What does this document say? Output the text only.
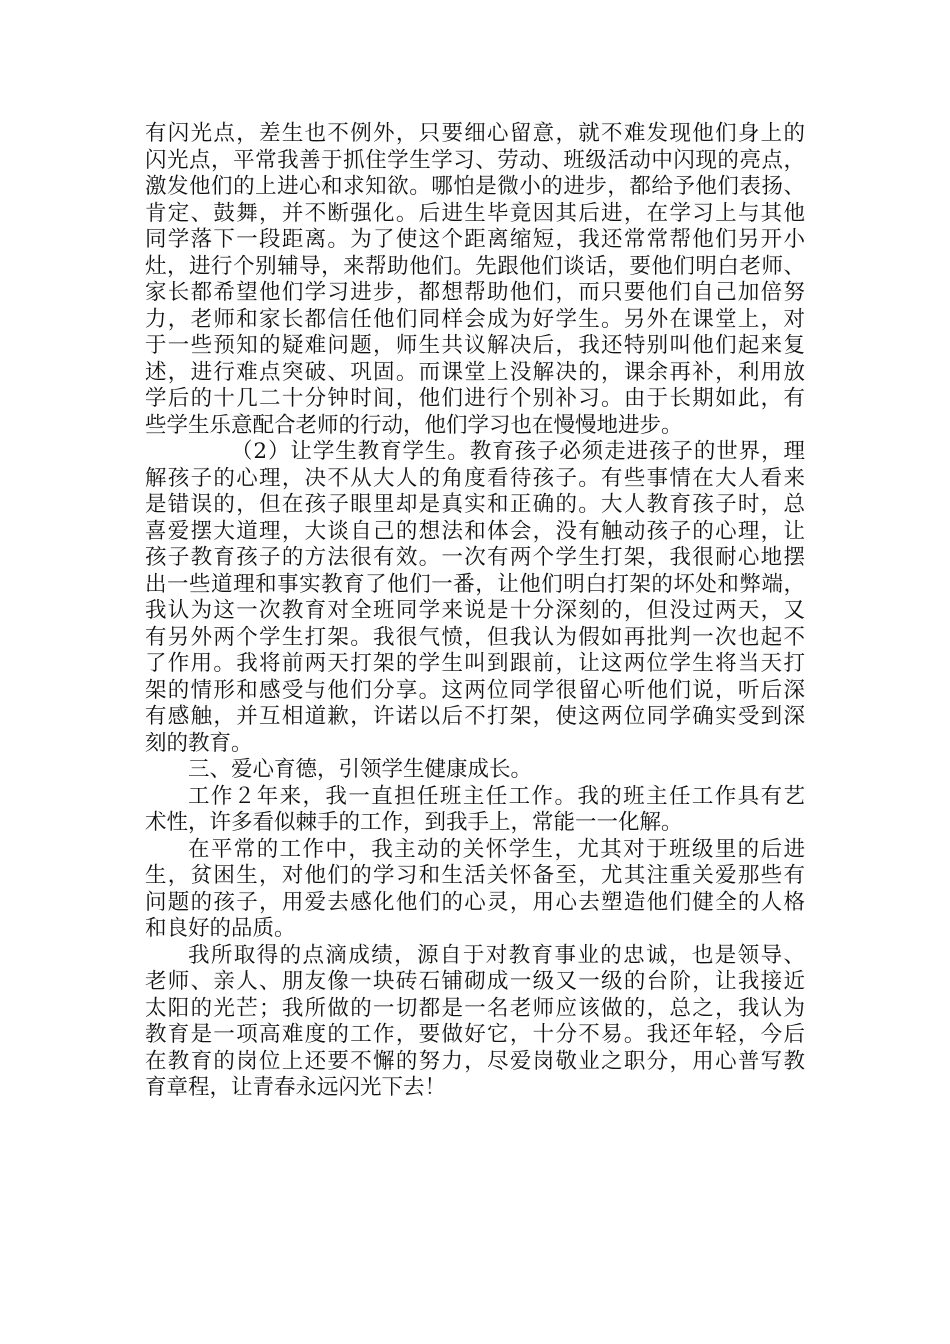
有闪光点，差生也不例外，只要细心留意，就不难发现他们身上的
闪光点，平常我善于抓住学生学习、劳动、班级活动中闪现的亮点，
激发他们的上进心和求知欲。哪怕是微小的进步，都给予他们表扬、
肯定、鼓舞，并不断强化。后进生毕竟因其后进，在学习上与其他
同学落下一段距离。为了使这个距离缩短，我还常常帮他们另开小
灶，进行个别辅导，来帮助他们。先跟他们谈话，要他们明白老师、
家长都希望他们学习进步，都想帮助他们，而只要他们自己加倍努
力，老师和家长都信任他们同样会成为好学生。另外在课堂上，对
于一些预知的疑难问题，师生共议解决后，我还特别叫他们起来复
述，进行难点突破、巩固。而课堂上没解决的，课余再补，利用放
学后的十几二十分钟时间，他们进行个别补习。由于长期如此，有
些学生乐意配合老师的行动，他们学习也在慢慢地进步。
（2）让学生教育学生。教育孩子必须走进孩子的世界，理
解孩子的心理，决不从大人的角度看待孩子。有些事情在大人看来
是错误的，但在孩子眼里却是真实和正确的。大人教育孩子时，总
喜爱摆大道理，大谈自己的想法和体会，没有触动孩子的心理，让
孩子教育孩子的方法很有效。一次有两个学生打架，我很耐心地摆
出一些道理和事实教育了他们一番，让他们明白打架的坏处和弊端，
我认为这一次教育对全班同学来说是十分深刻的，但没过两天，又
有另外两个学生打架。我很气愤，但我认为假如再批判一次也起不
了作用。我将前两天打架的学生叫到跟前，让这两位学生将当天打
架的情形和感受与他们分享。这两位同学很留心听他们说，听后深
有感触，并互相道歉，许诺以后不打架，使这两位同学确实受到深
刻的教育。
三、爱心育德，引领学生健康成长。
工作２年来，我一直担任班主任工作。我的班主任工作具有艺
术性，许多看似棘手的工作，到我手上，常能一一化解。
在平常的工作中，我主动的关怀学生，尤其对于班级里的后进
生，贫困生，对他们的学习和生活关怀备至，尤其注重关爱那些有
问题的孩子，用爱去感化他们的心灵，用心去塑造他们健全的人格
和良好的品质。
我所取得的点滴成绩，源自于对教育事业的忠诚，也是领导、
老师、亲人、朋友像一块砖石铺砌成一级又一级的台阶，让我接近
太阳的光芒；我所做的一切都是一名老师应该做的，总之，我认为
教育是一项高难度的工作，要做好它，十分不易。我还年轻，今后
在教育的岗位上还要不懈的努力，尽爱岗敬业之职分，用心普写教
育章程，让青春永远闪光下去！
